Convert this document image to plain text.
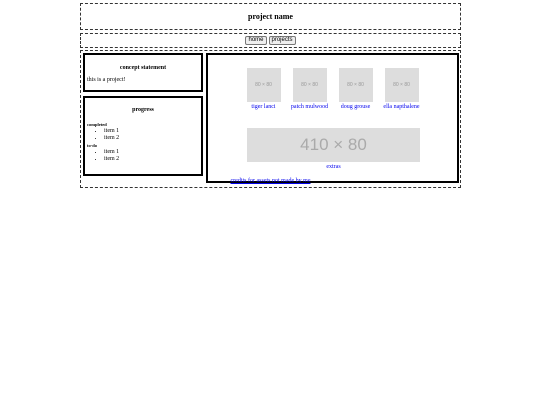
project name
home	projects
concept statement

this is a project!

progress

completed

• item 1
• item 2

to-do

• item 1
• item 2
80 × 80
tiger lanci
80 × 80
patch mulwood
80 × 80
doug grouse
80 × 80
ella napthalene
410 × 80
extras
credits for assets not made by me
